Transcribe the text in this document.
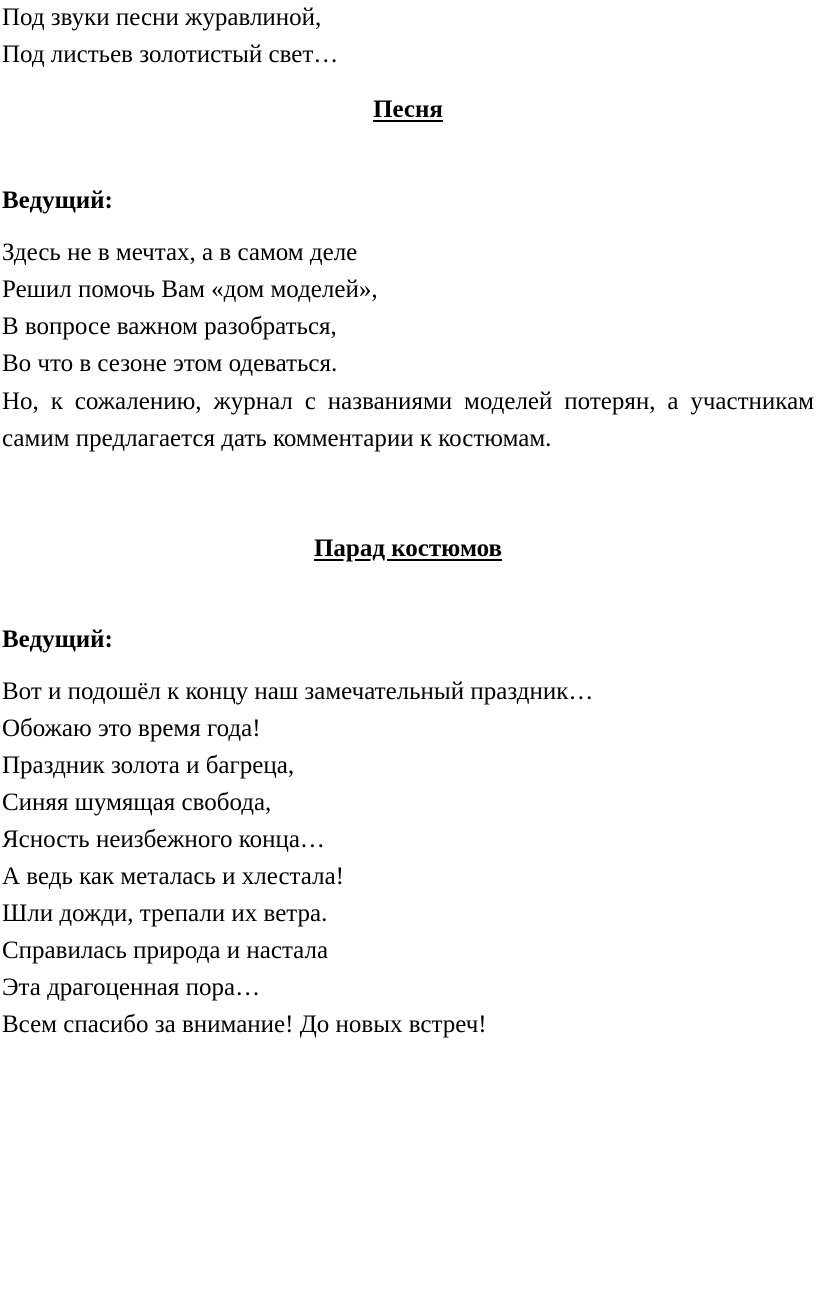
Под звуки песни журавлиной,
Под листьев золотистый свет…
Песня
Ведущий:
Здесь не в мечтах, а в самом деле
Решил помочь Вам «дом моделей»,
В вопросе важном разобраться,
Во что в сезоне этом одеваться.
Но, к сожалению, журнал с названиями моделей потерян, а участникам самим предлагается дать комментарии к костюмам.
Парад костюмов
Ведущий:
Вот и подошёл к концу наш замечательный праздник…
Обожаю это время года!
Праздник золота и багреца,
Синяя шумящая свобода,
Ясность неизбежного конца…
А ведь как металась и хлестала!
Шли дожди, трепали их ветра.
Справилась природа и настала
Эта драгоценная пора…
Всем спасибо за внимание! До новых встреч!
